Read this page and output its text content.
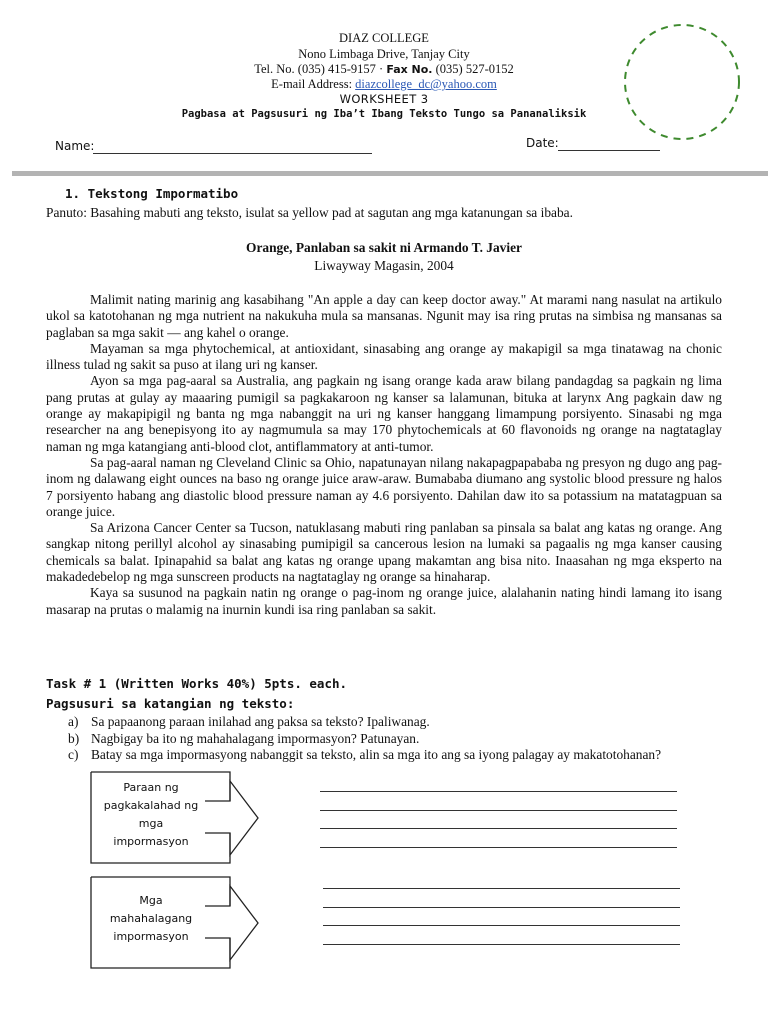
DIAZ COLLEGE
Nono Limbaga Drive, Tanjay City
Tel. No. (035) 415-9157 · Fax No. (035) 527-0152
E-mail Address: diazcollege_dc@yahoo.com
WORKSHEET 3
Pagbasa at Pagsusuri ng Iba’t Ibang Teksto Tungo sa Pananaliksik
Name:	Date:
1. Tekstong Impormatibo
Panuto: Basahing mabuti ang teksto, isulat sa yellow pad at sagutan ang mga katanungan sa ibaba.
Orange, Panlaban sa sakit ni Armando T. Javier
Liwayway Magasin, 2004

Malimit nating marinig ang kasabihang "An apple a day can keep doctor away." At marami nang nasulat na artikulo ukol sa katotohanan ng mga nutrient na nakukuha mula sa mansanas. Ngunit may isa ring prutas na simbisa ng mansanas sa paglaban sa mga sakit — ang kahel o orange.

Mayaman sa mga phytochemical, at antioxidant, sinasabing ang orange ay makapigil sa mga tinatawag na chonic illness tulad ng sakit sa puso at ilang uri ng kanser.

Ayon sa mga pag-aaral sa Australia, ang pagkain ng isang orange kada araw bilang pandagdag sa pagkain ng lima pang prutas at gulay ay maaaring pumigil sa pagkakaroon ng kanser sa lalamunan, bituka at larynx Ang pagkain daw ng orange ay makapipigil ng banta ng mga nabanggit na uri ng kanser hanggang limampung porsiyento. Sinasabi ng mga researcher na ang benepisyong ito ay nagmumula sa may 170 phytochemicals at 60 flavonoids ng orange na nagtataglay naman ng mga katangiang anti-blood clot, antiflammatory at anti-tumor.

Sa pag-aaral naman ng Cleveland Clinic sa Ohio, napatunayan nilang nakapagpapababa ng presyon ng dugo ang pag-inom ng dalawang eight ounces na baso ng orange juice araw-araw. Bumababa diumano ang systolic blood pressure ng halos 7 porsiyento habang ang diastolic blood pressure naman ay 4.6 porsiyento. Dahilan daw ito sa potassium na matatagpuan sa orange juice.

Sa Arizona Cancer Center sa Tucson, natuklasang mabuti ring panlaban sa pinsala sa balat ang katas ng orange. Ang sangkap nitong perillyl alcohol ay sinasabing pumipigil sa cancerous lesion na lumaki sa pagaalis ng mga kanser causing chemicals sa balat. Ipinapahid sa balat ang katas ng orange upang makamtan ang bisa nito. Inaasahan ng mga eksperto na makadedebelop ng mga sunscreen products na nagtataglay ng orange sa hinaharap.

Kaya sa susunod na pagkain natin ng orange o pag-inom ng orange juice, alalahanin nating hindi lamang ito isang masarap na prutas o malamig na inurnin kundi isa ring panlaban sa sakit.

Task # 1 (Written Works 40%) 5pts. each.
Pagsusuri sa katangian ng teksto:
a) Sa papaanong paraan inilahad ang paksa sa teksto? Ipaliwanag.
b) Nagbigay ba ito ng mahahalagang impormasyon? Patunayan.
c) Batay sa mga impormasyong nabanggit sa teksto, alin sa mga ito ang sa iyong palagay ay makatotohanan?
Paraan ng
pagkakalahad ng
mga
impormasyon
Mga
mahahalagang
impormasyon
